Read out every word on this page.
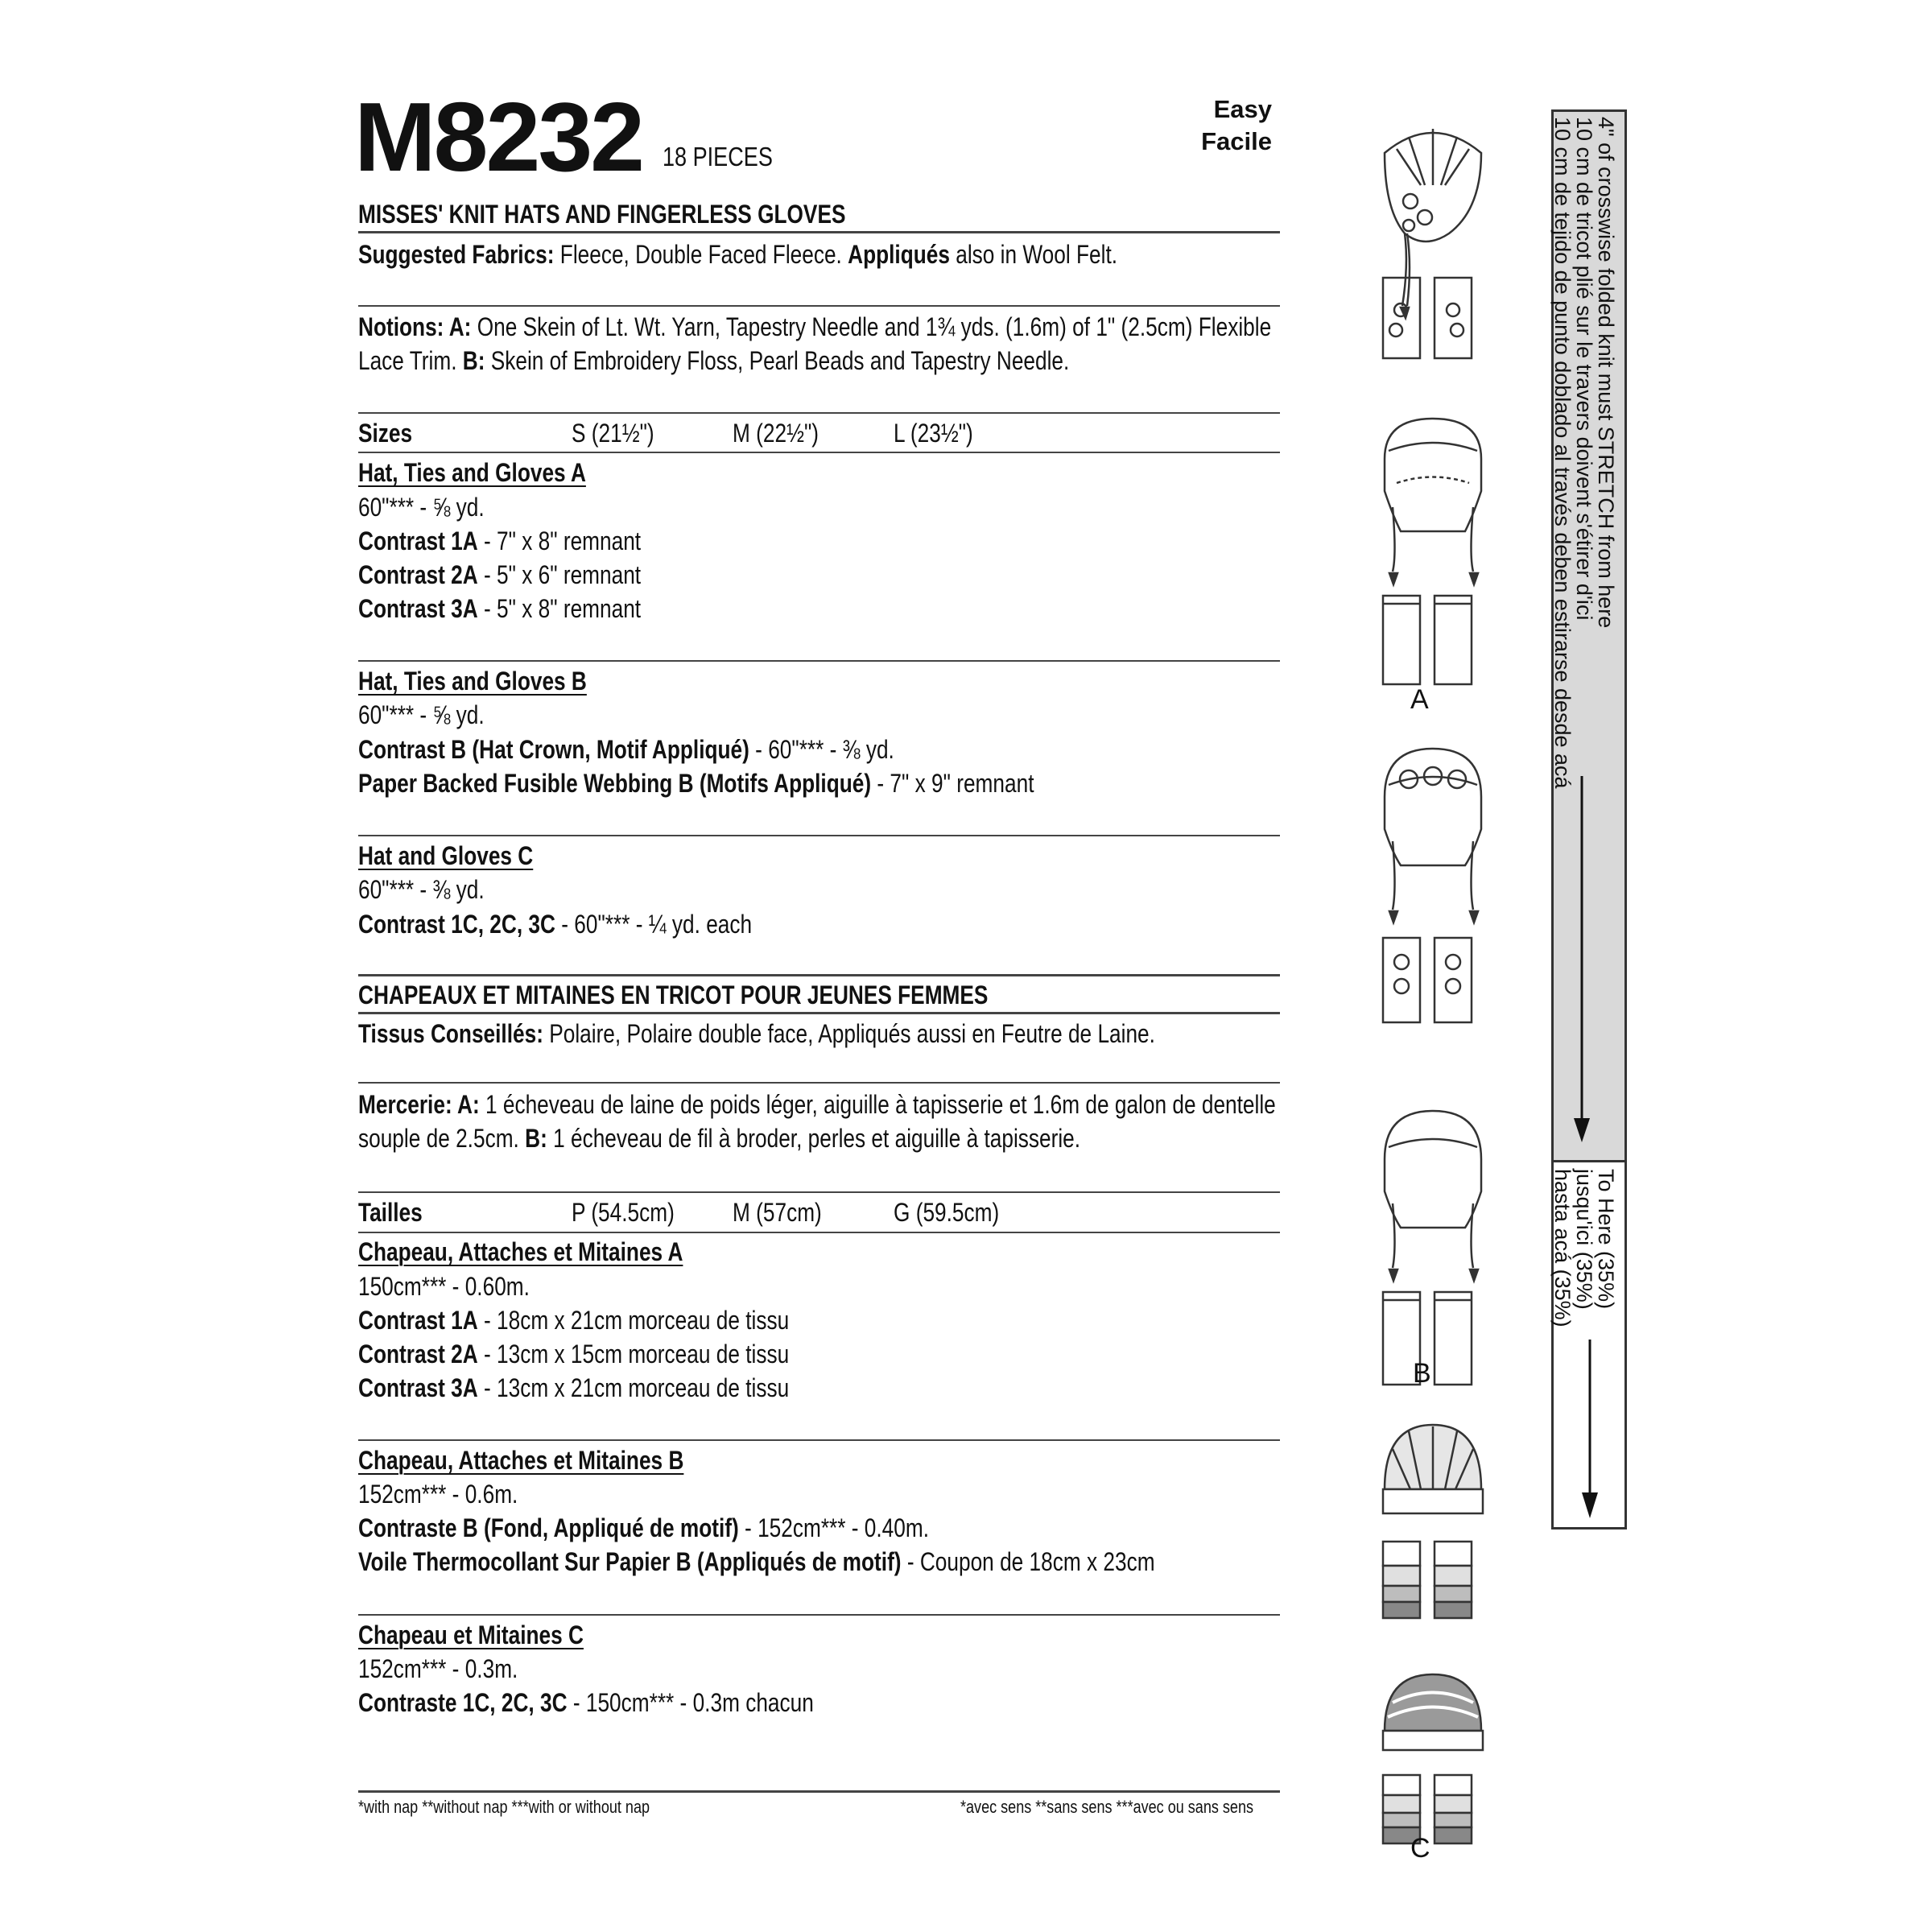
M8232 18 PIECES
Easy
Facile
MISSES' KNIT HATS AND FINGERLESS GLOVES
Suggested Fabrics: Fleece, Double Faced Fleece. Appliqués also in Wool Felt.
Notions: A: One Skein of Lt. Wt. Yarn, Tapestry Needle and 1¾ yds. (1.6m) of 1" (2.5cm) Flexible
Lace Trim. B: Skein of Embroidery Floss, Pearl Beads and Tapestry Needle.
Sizes	S (21½")	M (22½")	L (23½")
Hat, Ties and Gloves A
60"*** - ⅝ yd.
Contrast 1A - 7" x 8" remnant
Contrast 2A - 5" x 6" remnant
Contrast 3A - 5" x 8" remnant
Hat, Ties and Gloves B
60"*** - ⅝ yd.
Contrast B (Hat Crown, Motif Appliqué) - 60"*** - ⅜ yd.
Paper Backed Fusible Webbing B (Motifs Appliqué) - 7" x 9" remnant
Hat and Gloves C
60"*** - ⅜ yd.
Contrast 1C, 2C, 3C - 60"*** - ¼ yd. each
CHAPEAUX ET MITAINES EN TRICOT POUR JEUNES FEMMES
Tissus Conseillés: Polaire, Polaire double face, Appliqués aussi en Feutre de Laine.
Mercerie: A: 1 écheveau de laine de poids léger, aiguille à tapisserie et 1.6m de galon de dentelle
souple de 2.5cm. B: 1 écheveau de fil à broder, perles et aiguille à tapisserie.
Tailles	P (54.5cm) M (57cm)	G (59.5cm)
Chapeau, Attaches et Mitaines A
150cm*** - 0.60m.
Contrast 1A - 18cm x 21cm morceau de tissu
Contrast 2A - 13cm x 15cm morceau de tissu
Contrast 3A - 13cm x 21cm morceau de tissu
Chapeau, Attaches et Mitaines B
152cm*** - 0.6m.
Contraste B (Fond, Appliqué de motif) - 152cm*** - 0.40m.
Voile Thermocollant Sur Papier B (Appliqués de motif) - Coupon de 18cm x 23cm
Chapeau et Mitaines C
152cm*** - 0.3m.
Contraste 1C, 2C, 3C - 150cm*** - 0.3m chacun
*with nap **without nap ***with or without nap	*avec sens **sans sens ***avec ou sans sens
A
B
C
4" of crosswise folded knit must STRETCH from here
10 cm de tricot plié sur le travers doivent s'étirer d'ici
10 cm de tejido de punto doblado al través deben estirarse desde acá
To Here (35%)
jusqu'ici (35%)
hasta acá (35%)
